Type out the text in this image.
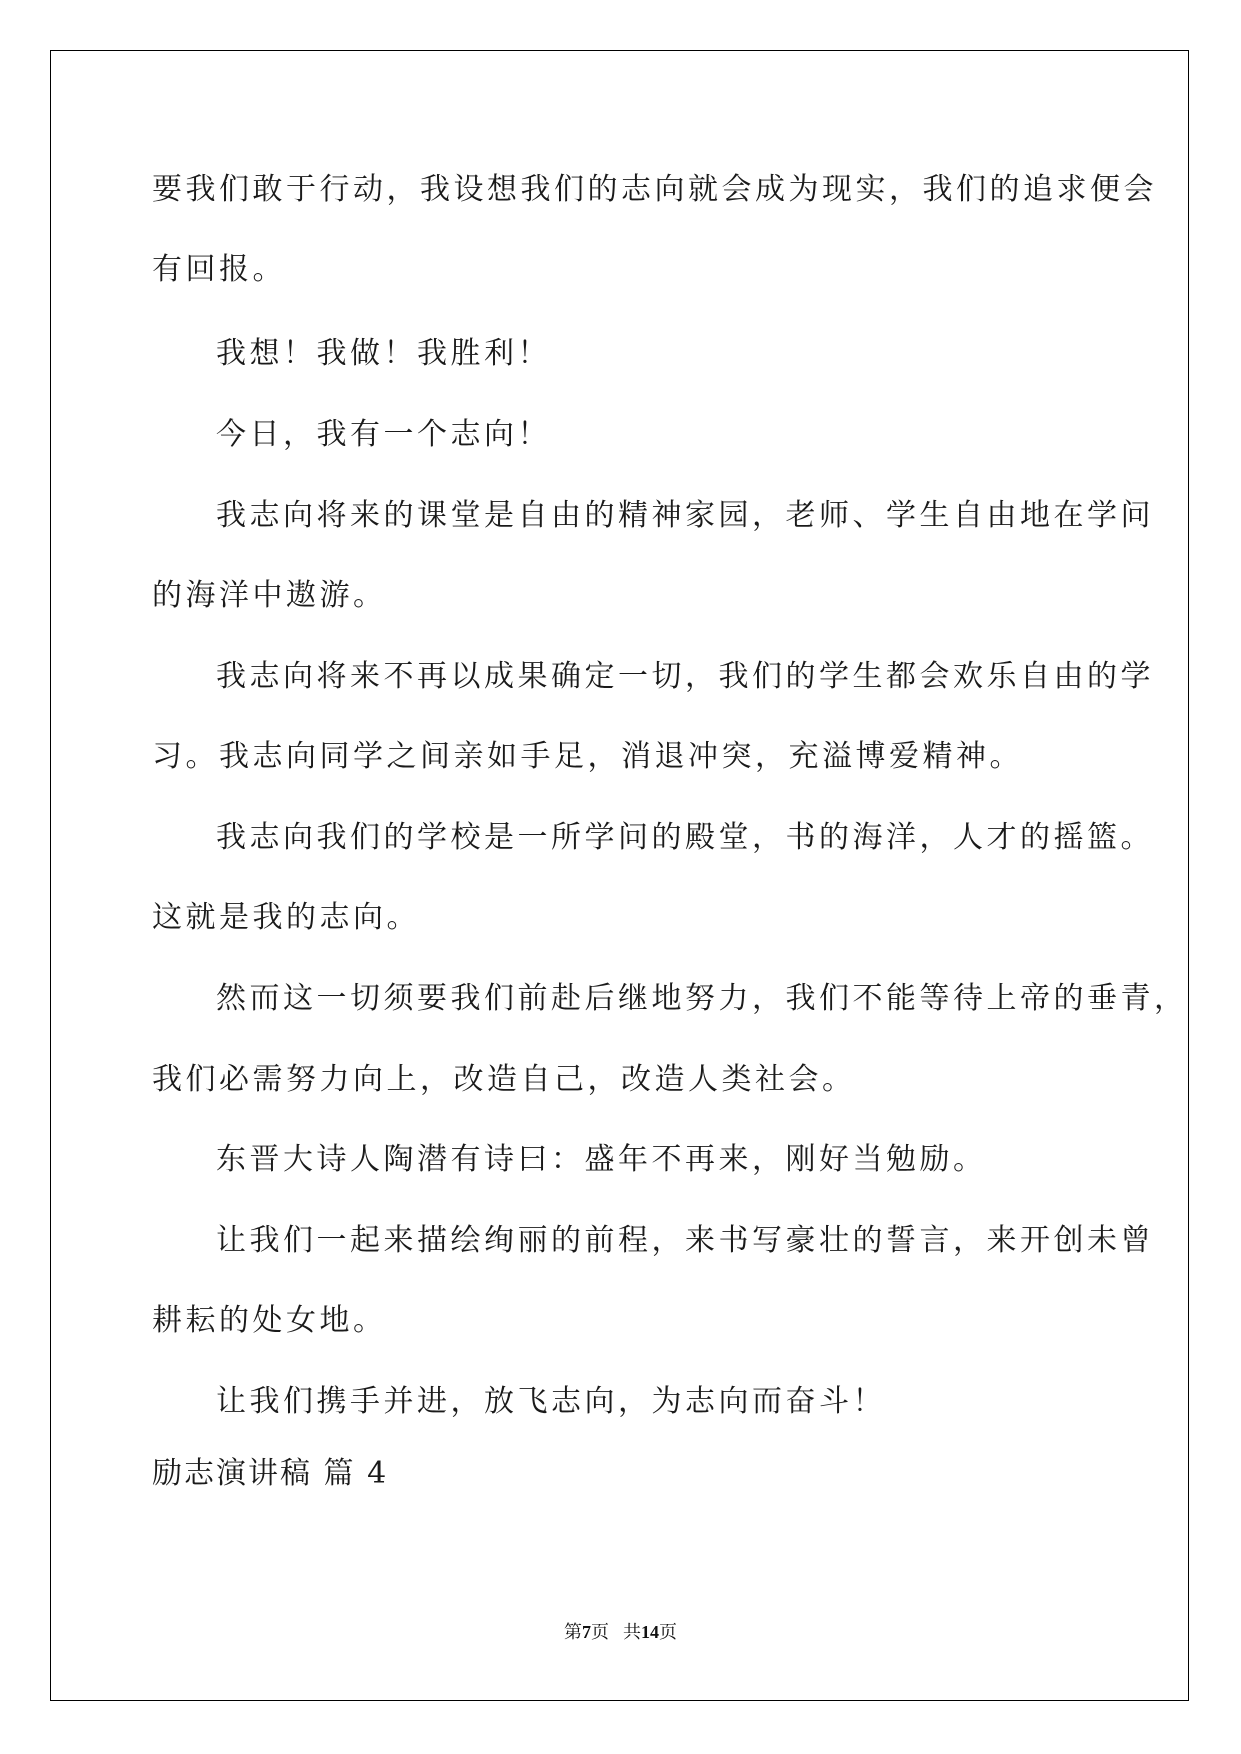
要我们敢于行动，我设想我们的志向就会成为现实，我们的追求便会

有回报。

我想！我做！我胜利！

今日，我有一个志向！

我志向将来的课堂是自由的精神家园，老师、学生自由地在学问

的海洋中遨游。

我志向将来不再以成果确定一切，我们的学生都会欢乐自由的学

习。我志向同学之间亲如手足，消退冲突，充溢博爱精神。

我志向我们的学校是一所学问的殿堂，书的海洋，人才的摇篮。

这就是我的志向。

然而这一切须要我们前赴后继地努力，我们不能等待上帝的垂青，

我们必需努力向上，改造自己，改造人类社会。

东晋大诗人陶潜有诗曰：盛年不再来，刚好当勉励。

让我们一起来描绘绚丽的前程，来书写豪壮的誓言，来开创未曾

耕耘的处女地。

让我们携手并进，放飞志向，为志向而奋斗！

励志演讲稿 篇 4

第7页 共14页
